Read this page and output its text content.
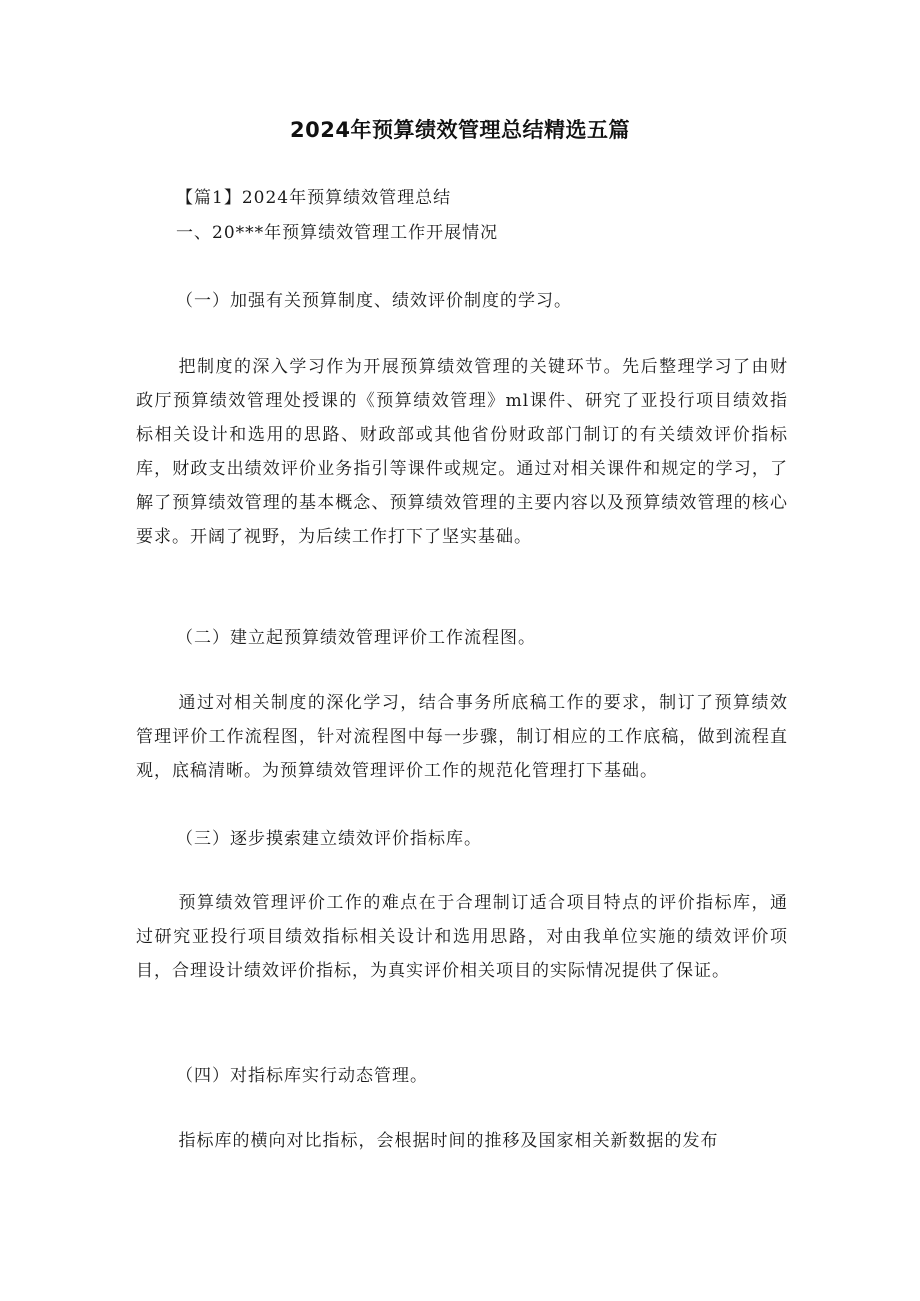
2024年预算绩效管理总结精选五篇
【篇1】2024年预算绩效管理总结
一、20***年预算绩效管理工作开展情况
（一）加强有关预算制度、绩效评价制度的学习。
把制度的深入学习作为开展预算绩效管理的关键环节。先后整理学习了由财政厅预算绩效管理处授课的《预算绩效管理》ml课件、研究了亚投行项目绩效指标相关设计和选用的思路、财政部或其他省份财政部门制订的有关绩效评价指标库，财政支出绩效评价业务指引等课件或规定。通过对相关课件和规定的学习，了解了预算绩效管理的基本概念、预算绩效管理的主要内容以及预算绩效管理的核心要求。开阔了视野，为后续工作打下了坚实基础。
（二）建立起预算绩效管理评价工作流程图。
通过对相关制度的深化学习，结合事务所底稿工作的要求，制订了预算绩效管理评价工作流程图，针对流程图中每一步骤，制订相应的工作底稿，做到流程直观，底稿清晰。为预算绩效管理评价工作的规范化管理打下基础。
（三）逐步摸索建立绩效评价指标库。
预算绩效管理评价工作的难点在于合理制订适合项目特点的评价指标库，通过研究亚投行项目绩效指标相关设计和选用思路，对由我单位实施的绩效评价项目，合理设计绩效评价指标，为真实评价相关项目的实际情况提供了保证。
（四）对指标库实行动态管理。
指标库的横向对比指标，会根据时间的推移及国家相关新数据的发布
